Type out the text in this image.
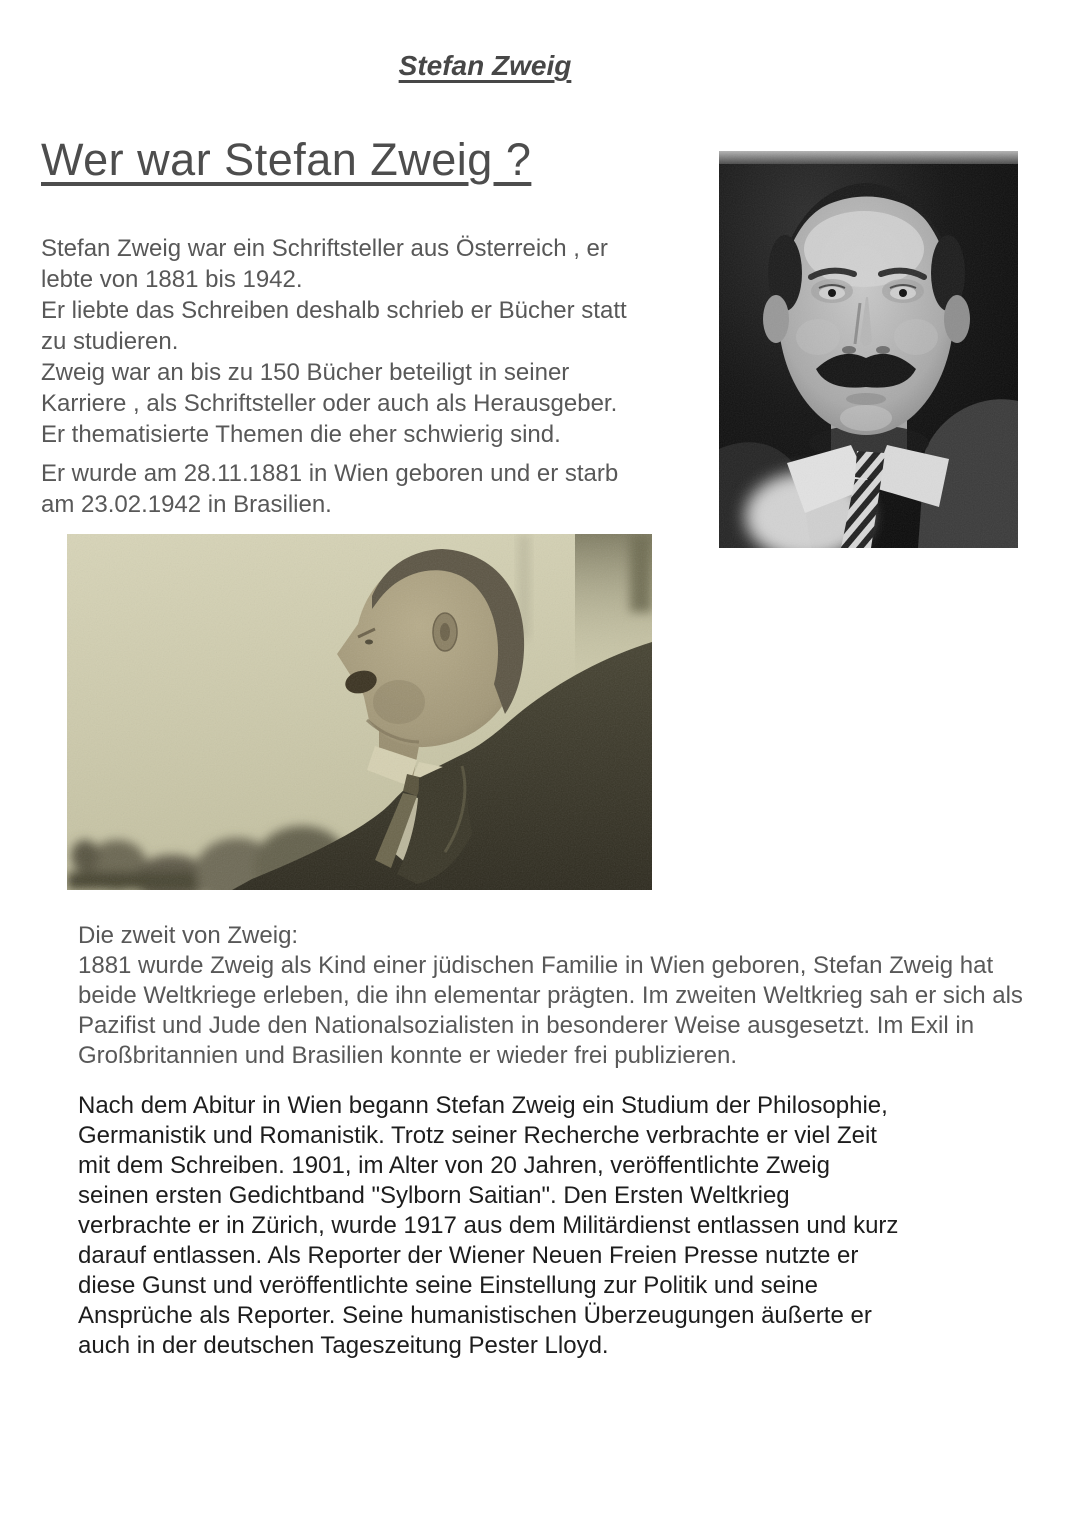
Stefan Zweig
Wer war Stefan Zweig ?
Stefan Zweig war ein Schriftsteller aus Österreich , er
lebte von 1881 bis 1942.
Er liebte das Schreiben deshalb schrieb er Bücher statt
zu studieren.
Zweig war an bis zu 150 Bücher beteiligt in seiner
Karriere , als Schriftsteller oder auch als Herausgeber.
Er thematisierte Themen die eher schwierig sind.
Er wurde am 28.11.1881 in Wien geboren und er starb
am 23.02.1942 in Brasilien.
Die zweit von Zweig:
1881 wurde Zweig als Kind einer jüdischen Familie in Wien geboren, Stefan Zweig hat
beide Weltkriege erleben, die ihn elementar prägten. Im zweiten Weltkrieg sah er sich als
Pazifist und Jude den Nationalsozialisten in besonderer Weise ausgesetzt. Im Exil in
Großbritannien und Brasilien konnte er wieder frei publizieren.
Nach dem Abitur in Wien begann Stefan Zweig ein Studium der Philosophie,
Germanistik und Romanistik. Trotz seiner Recherche verbrachte er viel Zeit
mit dem Schreiben. 1901, im Alter von 20 Jahren, veröffentlichte Zweig
seinen ersten Gedichtband "Sylborn Saitian". Den Ersten Weltkrieg
verbrachte er in Zürich, wurde 1917 aus dem Militärdienst entlassen und kurz
darauf entlassen. Als Reporter der Wiener Neuen Freien Presse nutzte er
diese Gunst und veröffentlichte seine Einstellung zur Politik und seine
Ansprüche als Reporter. Seine humanistischen Überzeugungen äußerte er
auch in der deutschen Tageszeitung Pester Lloyd.
